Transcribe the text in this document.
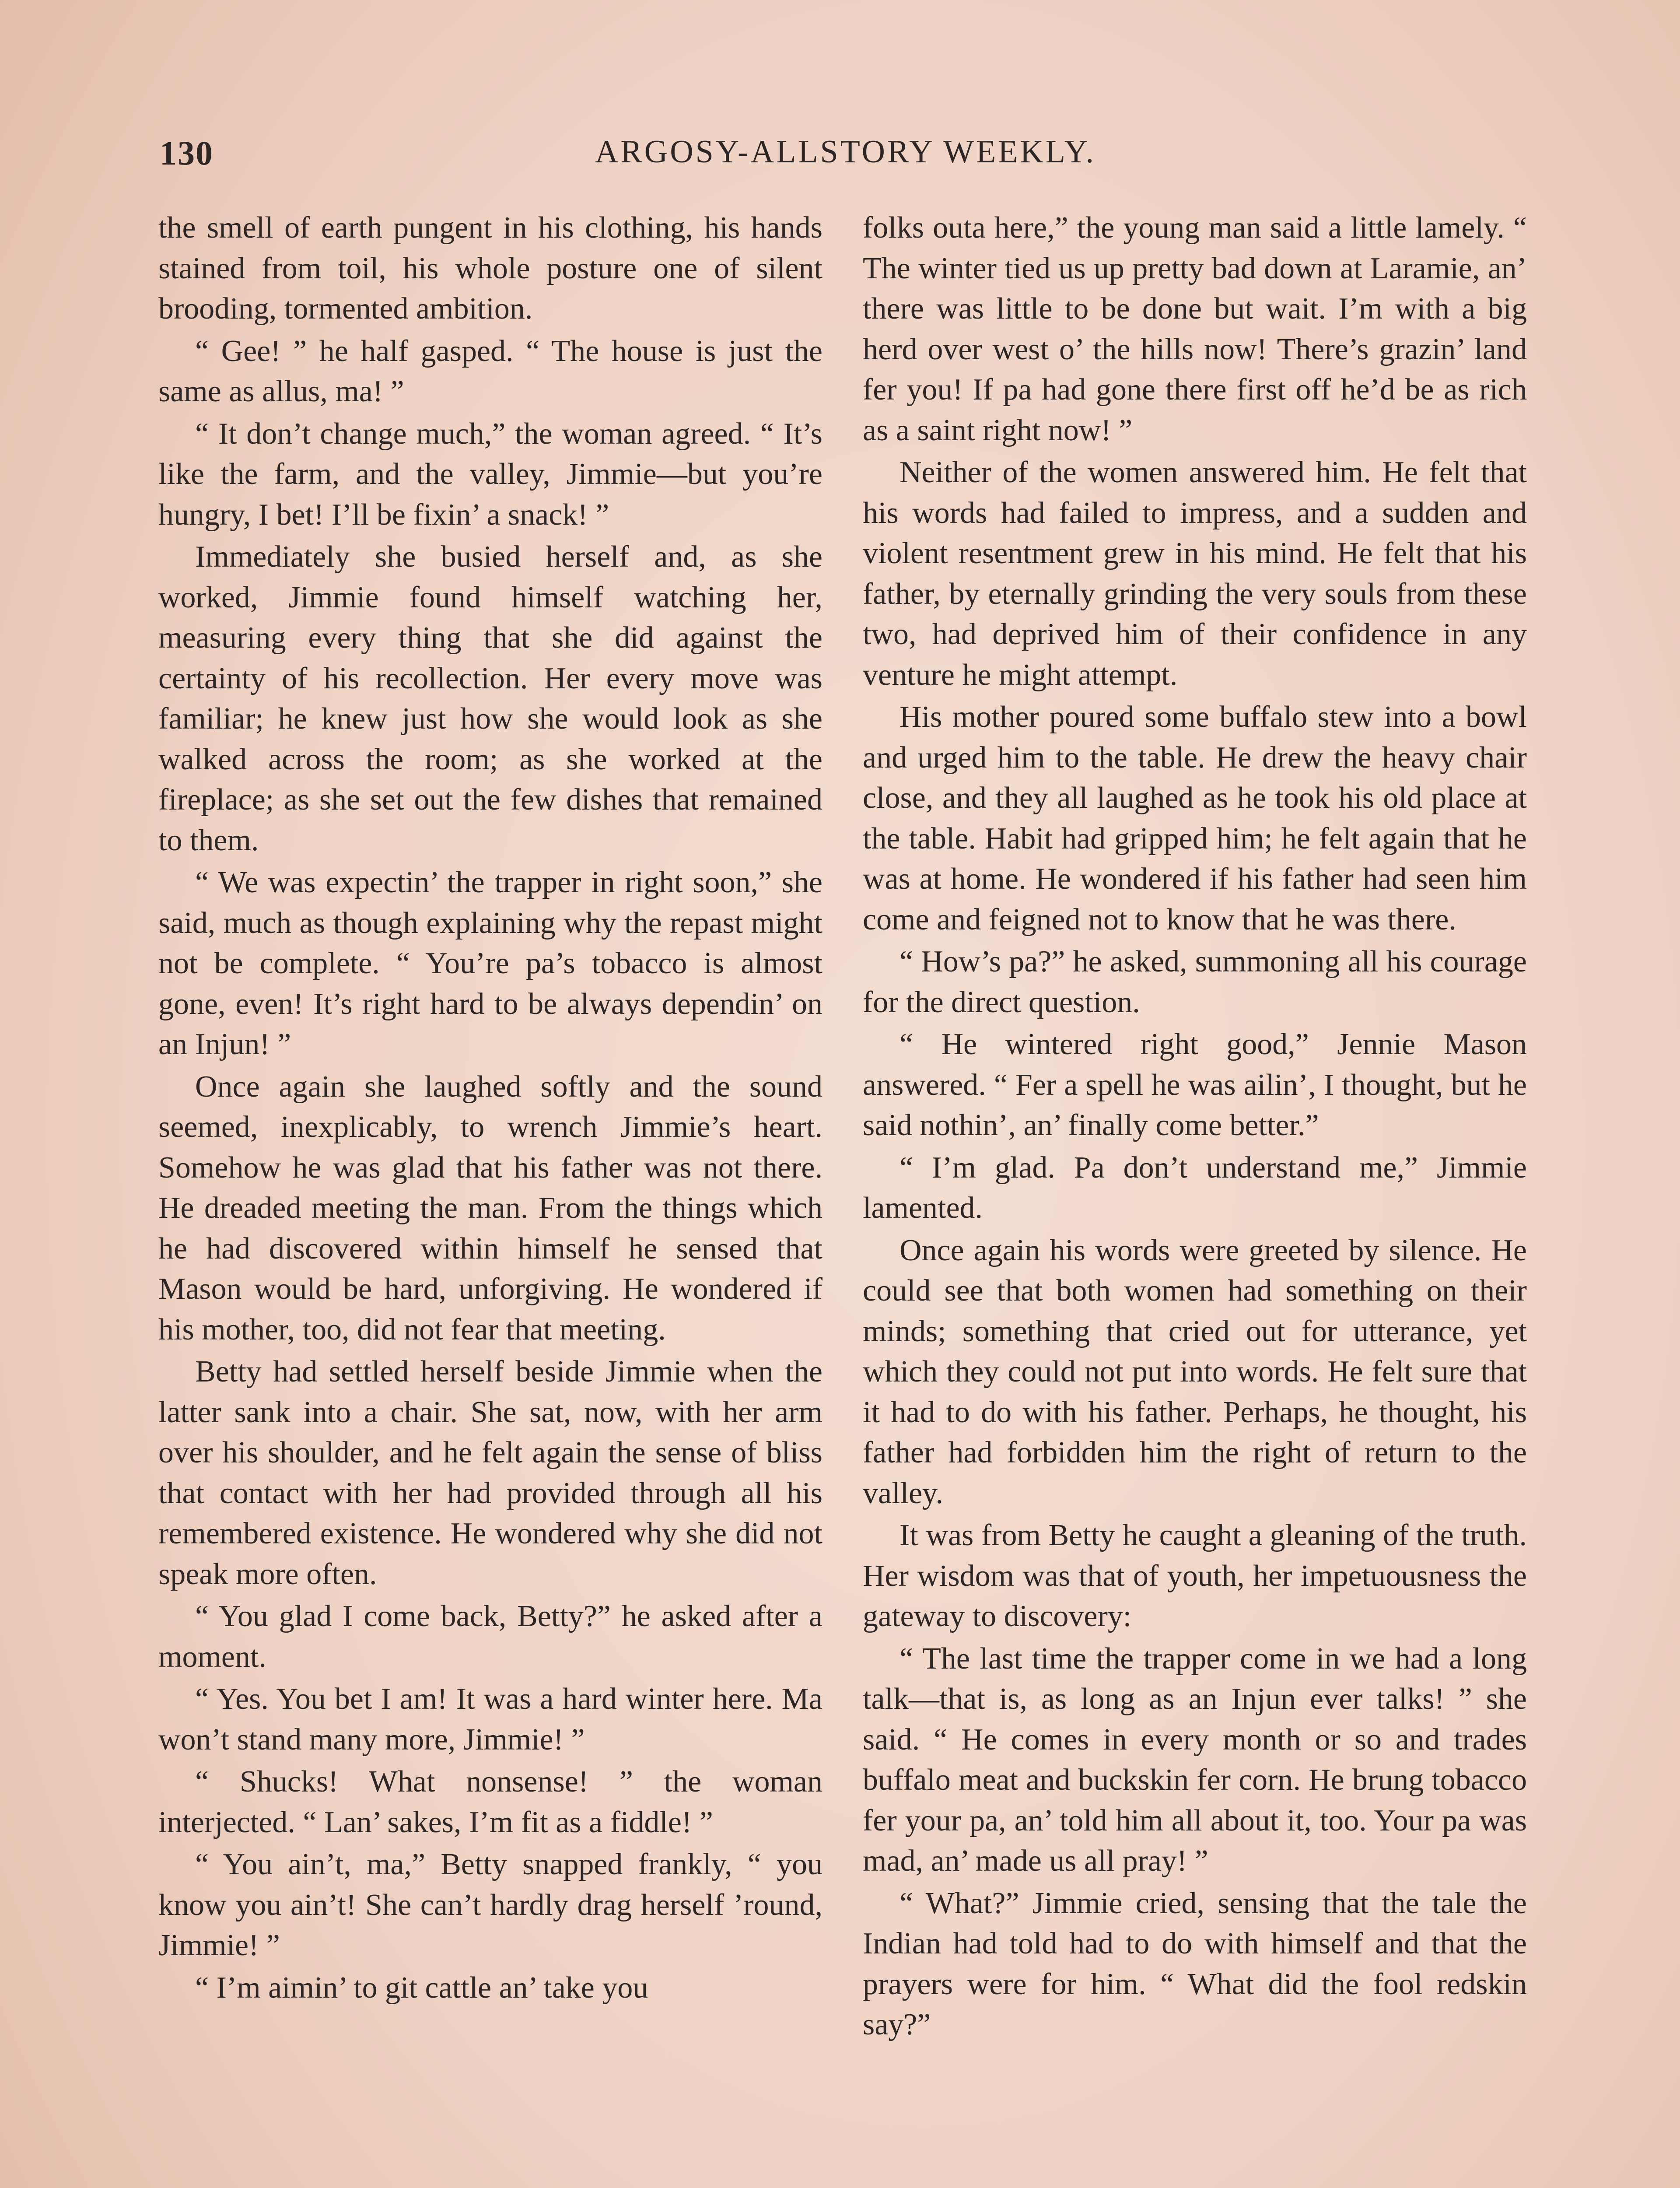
130	ARGOSY-ALLSTORY WEEKLY.

the smell of earth pungent in his clothing, his hands stained from toil, his whole posture one of silent brooding, tormented ambition.

“ Gee! ” he half gasped. “ The house is just the same as allus, ma! ”

“ It don’t change much,” the woman agreed. “ It’s like the farm, and the valley, Jimmie—but you’re hungry, I bet! I’ll be fixin’ a snack! ”

Immediately she busied herself and, as she worked, Jimmie found himself watching her, measuring every thing that she did against the certainty of his recollection. Her every move was familiar; he knew just how she would look as she walked across the room; as she worked at the fireplace; as she set out the few dishes that remained to them.

“ We was expectin’ the trapper in right soon,” she said, much as though explaining why the repast might not be complete. “ You’re pa’s tobacco is almost gone, even! It’s right hard to be always dependin’ on an Injun! ”

Once again she laughed softly and the sound seemed, inexplicably, to wrench Jimmie’s heart. Somehow he was glad that his father was not there. He dreaded meeting the man. From the things which he had discovered within himself he sensed that Mason would be hard, unforgiving. He wondered if his mother, too, did not fear that meeting.

Betty had settled herself beside Jimmie when the latter sank into a chair. She sat, now, with her arm over his shoulder, and he felt again the sense of bliss that contact with her had provided through all his remembered existence. He wondered why she did not speak more often.

“ You glad I come back, Betty?” he asked after a moment.

“ Yes. You bet I am! It was a hard winter here. Ma won’t stand many more, Jimmie! ”

“ Shucks! What nonsense! ” the woman interjected. “ Lan’ sakes, I’m fit as a fiddle! ”

“ You ain’t, ma,” Betty snapped frankly, “ you know you ain’t! She can’t hardly drag herself ’round, Jimmie! ”

“ I’m aimin’ to git cattle an’ take you

folks outa here,” the young man said a little lamely. “ The winter tied us up pretty bad down at Laramie, an’ there was little to be done but wait. I’m with a big herd over west o’ the hills now! There’s grazin’ land fer you! If pa had gone there first off he’d be as rich as a saint right now! ”

Neither of the women answered him. He felt that his words had failed to impress, and a sudden and violent resentment grew in his mind. He felt that his father, by eternally grinding the very souls from these two, had deprived him of their confidence in any venture he might attempt.

His mother poured some buffalo stew into a bowl and urged him to the table. He drew the heavy chair close, and they all laughed as he took his old place at the table. Habit had gripped him; he felt again that he was at home. He wondered if his father had seen him come and feigned not to know that he was there.

“ How’s pa?” he asked, summoning all his courage for the direct question.

“ He wintered right good,” Jennie Mason answered. “ Fer a spell he was ailin’, I thought, but he said nothin’, an’ finally come better.”

“ I’m glad. Pa don’t understand me,” Jimmie lamented.

Once again his words were greeted by silence. He could see that both women had something on their minds; something that cried out for utterance, yet which they could not put into words. He felt sure that it had to do with his father. Perhaps, he thought, his father had forbidden him the right of return to the valley.

It was from Betty he caught a gleaning of the truth. Her wisdom was that of youth, her impetuousness the gateway to discovery:

“ The last time the trapper come in we had a long talk—that is, as long as an Injun ever talks! ” she said. “ He comes in every month or so and trades buffalo meat and buckskin fer corn. He brung tobacco fer your pa, an’ told him all about it, too. Your pa was mad, an’ made us all pray! ”

“ What?” Jimmie cried, sensing that the tale the Indian had told had to do with himself and that the prayers were for him. “ What did the fool redskin say?”
